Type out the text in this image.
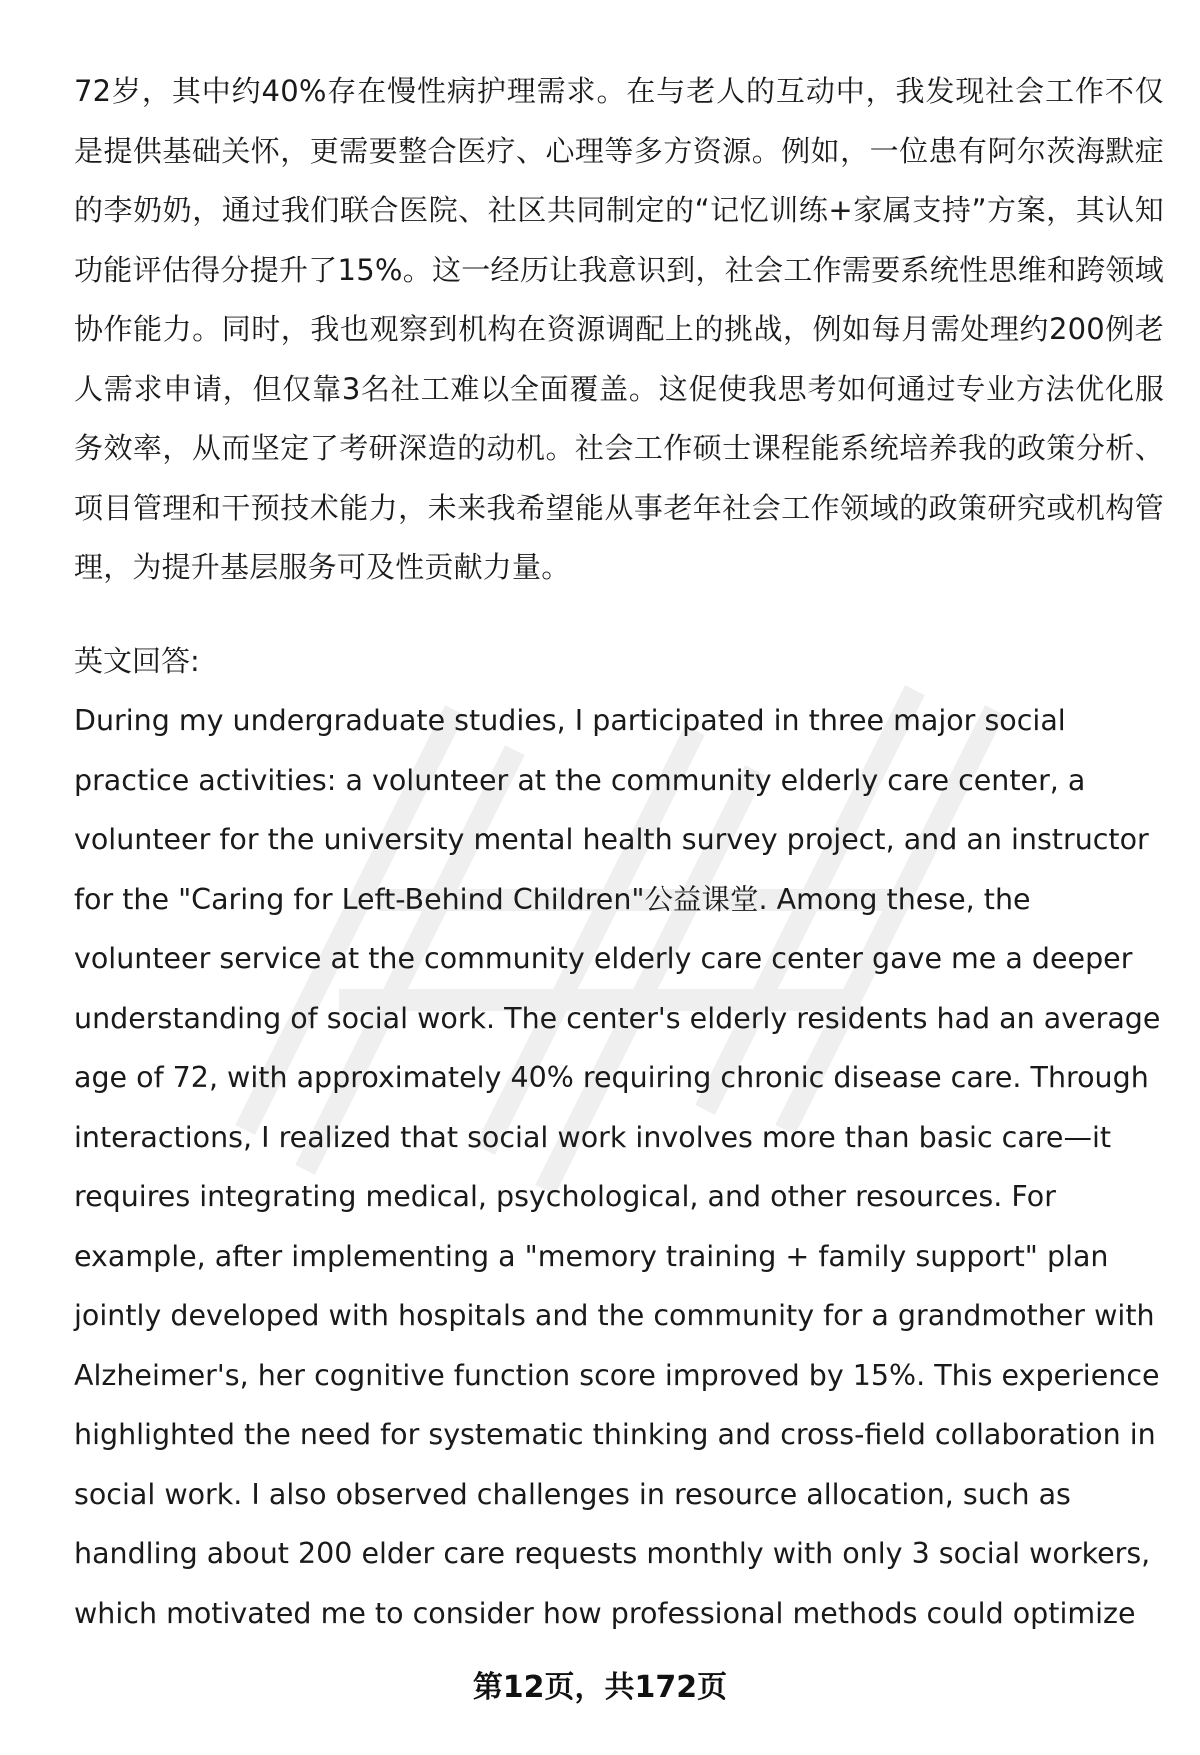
72岁，其中约40%存在慢性病护理需求。在与老人的互动中，我发现社会工作不仅是提供基础关怀，更需要整合医疗、心理等多方资源。例如，一位患有阿尔茨海默症的李奶奶，通过我们联合医院、社区共同制定的“记忆训练+家属支持”方案，其认知功能评估得分提升了15%。这一经历让我意识到，社会工作需要系统性思维和跨领域协作能力。同时，我也观察到机构在资源调配上的挑战，例如每月需处理约200例老人需求申请，但仅靠3名社工难以全面覆盖。这促使我思考如何通过专业方法优化服务效率，从而坚定了考研深造的动机。社会工作硕士课程能系统培养我的政策分析、项目管理和干预技术能力，未来我希望能从事老年社会工作领域的政策研究或机构管理，为提升基层服务可及性贡献力量。

英文回答:

During my undergraduate studies, I participated in three major social practice activities: a volunteer at the community elderly care center, a volunteer for the university mental health survey project, and an instructor for the "Caring for Left-Behind Children"公益课堂. Among these, the volunteer service at the community elderly care center gave me a deeper understanding of social work. The center's elderly residents had an average age of 72, with approximately 40% requiring chronic disease care. Through interactions, I realized that social work involves more than basic care—it requires integrating medical, psychological, and other resources. For example, after implementing a "memory training + family support" plan jointly developed with hospitals and the community for a grandmother with Alzheimer's, her cognitive function score improved by 15%. This experience highlighted the need for systematic thinking and cross-field collaboration in social work. I also observed challenges in resource allocation, such as handling about 200 elder care requests monthly with only 3 social workers, which motivated me to consider how professional methods could optimize

第12页，共172页
